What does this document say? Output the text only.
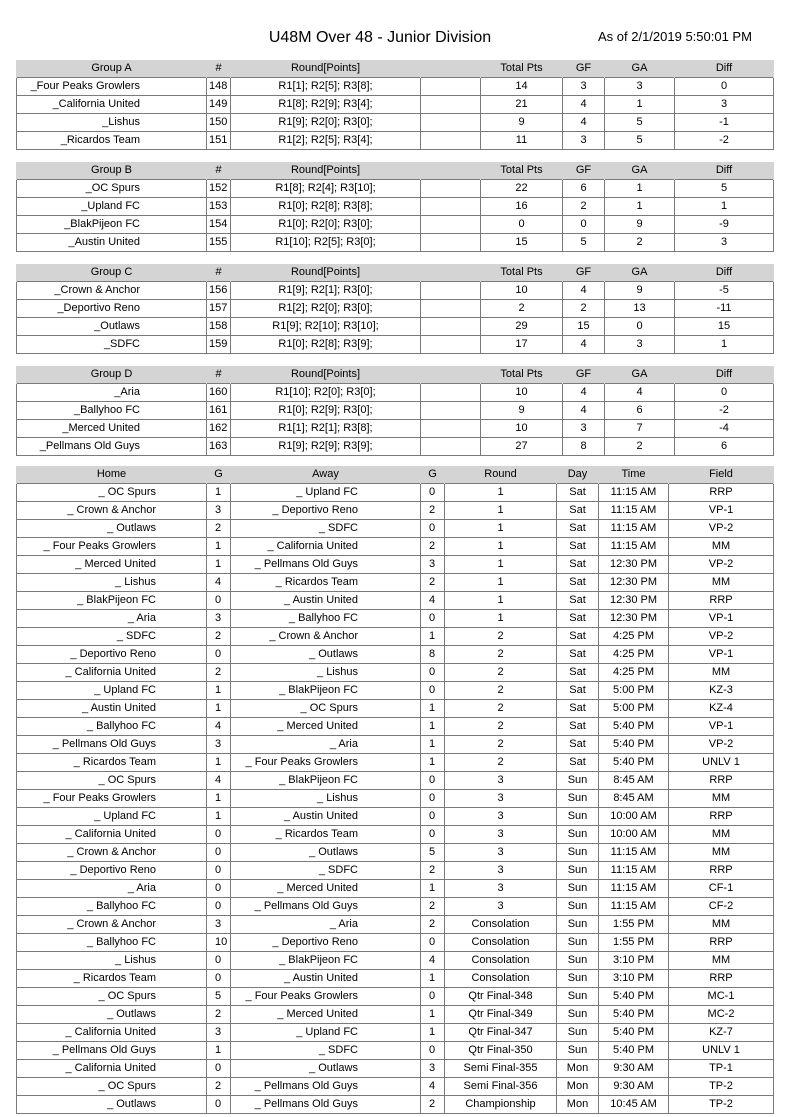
U48M Over 48 - Junior Division	As of 2/1/2019 5:50:01 PM
Group A	#	Round[Points]		Total Pts	GF	GA	Diff
_Four Peaks Growlers	148	R1[1]; R2[5]; R3[8];		14	3	3	0
_California United	149	R1[8]; R2[9]; R3[4];		21	4	1	3
_Lishus	150	R1[9]; R2[0]; R3[0];		9	4	5	-1
_Ricardos Team	151	R1[2]; R2[5]; R3[4];		11	3	5	-2
Group B	#	Round[Points]		Total Pts	GF	GA	Diff
_OC Spurs	152	R1[8]; R2[4]; R3[10];		22	6	1	5
_Upland FC	153	R1[0]; R2[8]; R3[8];		16	2	1	1
_BlakPijeon FC	154	R1[0]; R2[0]; R3[0];		0	0	9	-9
_Austin United	155	R1[10]; R2[5]; R3[0];		15	5	2	3
Group C	#	Round[Points]		Total Pts	GF	GA	Diff
_Crown & Anchor	156	R1[9]; R2[1]; R3[0];		10	4	9	-5
_Deportivo Reno	157	R1[2]; R2[0]; R3[0];		2	2	13	-11
_Outlaws	158	R1[9]; R2[10]; R3[10];		29	15	0	15
_SDFC	159	R1[0]; R2[8]; R3[9];		17	4	3	1
Group D	#	Round[Points]		Total Pts	GF	GA	Diff
_Aria	160	R1[10]; R2[0]; R3[0];		10	4	4	0
_Ballyhoo FC	161	R1[0]; R2[9]; R3[0];		9	4	6	-2
_Merced United	162	R1[1]; R2[1]; R3[8];		10	3	7	-4
_Pellmans Old Guys	163	R1[9]; R2[9]; R3[9];		27	8	2	6
Home	G	Away	G	Round	Day	Time	Field
_ OC Spurs	1	_ Upland FC	0	1	Sat	11:15 AM	RRP
_ Crown & Anchor	3	_ Deportivo Reno	2	1	Sat	11:15 AM	VP-1
_ Outlaws	2	_ SDFC	0	1	Sat	11:15 AM	VP-2
_ Four Peaks Growlers	1	_ California United	2	1	Sat	11:15 AM	MM
_ Merced United	1	_ Pellmans Old Guys	3	1	Sat	12:30 PM	VP-2
_ Lishus	4	_ Ricardos Team	2	1	Sat	12:30 PM	MM
_ BlakPijeon FC	0	_ Austin United	4	1	Sat	12:30 PM	RRP
_ Aria	3	_ Ballyhoo FC	0	1	Sat	12:30 PM	VP-1
_ SDFC	2	_ Crown & Anchor	1	2	Sat	4:25 PM	VP-2
_ Deportivo Reno	0	_ Outlaws	8	2	Sat	4:25 PM	VP-1
_ California United	2	_ Lishus	0	2	Sat	4:25 PM	MM
_ Upland FC	1	_ BlakPijeon FC	0	2	Sat	5:00 PM	KZ-3
_ Austin United	1	_ OC Spurs	1	2	Sat	5:00 PM	KZ-4
_ Ballyhoo FC	4	_ Merced United	1	2	Sat	5:40 PM	VP-1
_ Pellmans Old Guys	3	_ Aria	1	2	Sat	5:40 PM	VP-2
_ Ricardos Team	1	_ Four Peaks Growlers	1	2	Sat	5:40 PM	UNLV 1
_ OC Spurs	4	_ BlakPijeon FC	0	3	Sun	8:45 AM	RRP
_ Four Peaks Growlers	1	_ Lishus	0	3	Sun	8:45 AM	MM
_ Upland FC	1	_ Austin United	0	3	Sun	10:00 AM	RRP
_ California United	0	_ Ricardos Team	0	3	Sun	10:00 AM	MM
_ Crown & Anchor	0	_ Outlaws	5	3	Sun	11:15 AM	MM
_ Deportivo Reno	0	_ SDFC	2	3	Sun	11:15 AM	RRP
_ Aria	0	_ Merced United	1	3	Sun	11:15 AM	CF-1
_ Ballyhoo FC	0	_ Pellmans Old Guys	2	3	Sun	11:15 AM	CF-2
_ Crown & Anchor	3	_ Aria	2	Consolation	Sun	1:55 PM	MM
_ Ballyhoo FC	10	_ Deportivo Reno	0	Consolation	Sun	1:55 PM	RRP
_ Lishus	0	_ BlakPijeon FC	4	Consolation	Sun	3:10 PM	MM
_ Ricardos Team	0	_ Austin United	1	Consolation	Sun	3:10 PM	RRP
_ OC Spurs	5	_ Four Peaks Growlers	0	Qtr Final-348	Sun	5:40 PM	MC-1
_ Outlaws	2	_ Merced United	1	Qtr Final-349	Sun	5:40 PM	MC-2
_ California United	3	_ Upland FC	1	Qtr Final-347	Sun	5:40 PM	KZ-7
_ Pellmans Old Guys	1	_ SDFC	0	Qtr Final-350	Sun	5:40 PM	UNLV 1
_ California United	0	_ Outlaws	3	Semi Final-355	Mon	9:30 AM	TP-1
_ OC Spurs	2	_ Pellmans Old Guys	4	Semi Final-356	Mon	9:30 AM	TP-2
_ Outlaws	0	_ Pellmans Old Guys	2	Championship	Mon	10:45 AM	TP-2
